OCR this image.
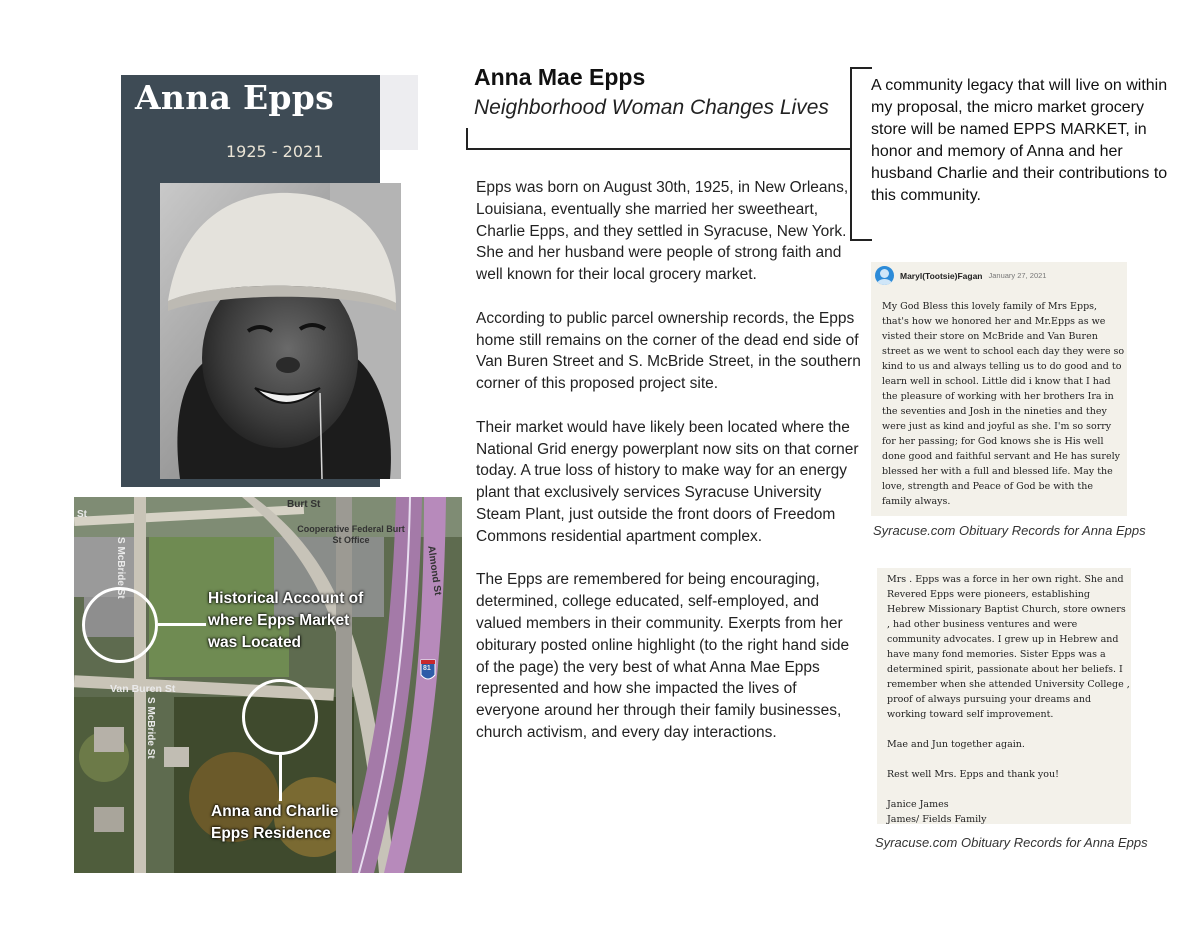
Anna Epps
1925 - 2021
Burt St
St
Cooperative Federal Burt St Office
S McBride St
S McBride St
Almond St
Van Buren St
81
Historical Account of where Epps Market was Located
Anna and Charlie Epps Residence
Anna Mae Epps
Neighborhood Woman Changes Lives
A community legacy that will live on within my proposal, the micro market grocery store will be named EPPS MARKET, in honor and memory of Anna and her husband Charlie and their contributions to this community.

Epps was born on August 30th, 1925, in New Orleans, Louisiana, eventually she married her sweetheart, Charlie Epps, and they settled in Syracuse, New York. She and her husband were people of strong faith and well known for their local grocery market.

According to public parcel ownership records, the Epps home still remains on the corner of the dead end side of Van Buren Street and S. McBride Street, in the southern corner of this proposed project site.

Their market would have likely been located where the National Grid energy powerplant now sits on that corner today. A true loss of history to make way for an energy plant that exclusively services Syracuse University Steam Plant, just outside the front doors of Freedom Commons residential apartment complex.

The Epps are remembered for being encouraging, determined, college educated, self-employed, and valued members in their community. Exerpts from her obiturary posted online highlight (to the right hand side of the page) the very best of what Anna Mae Epps represented and how she impacted the lives of everyone around her through their family businesses, church activism, and every day interactions.

Maryl(Tootsie)Fagan January 27, 2021
My God Bless this lovely family of Mrs Epps, that's how we honored her and Mr.Epps as we visted their store on McBride and Van Buren street as we went to school each day they were so kind to us and always telling us to do good and to learn well in school. Little did i know that I had the pleasure of working with her brothers Ira in the seventies and Josh in the nineties and they were just as kind and joyful as she. I'm so sorry for her passing; for God knows she is His well done good and faithful servant and He has surely blessed her with a full and blessed life. May the love, strength and Peace of God be with the family always.
Syracuse.com Obituary Records for Anna Epps

Mrs . Epps was a force in her own right. She and Revered Epps were pioneers, establishing Hebrew Missionary Baptist Church, store owners , had other business ventures and were community advocates. I grew up in Hebrew and have many fond memories. Sister Epps was a determined spirit, passionate about her beliefs. I remember when she attended University College , proof of always pursuing your dreams and working toward self improvement.

Mae and Jun together again.

Rest well Mrs. Epps and thank you!

Janice James
James/ Fields Family
Syracuse.com Obituary Records for Anna Epps
